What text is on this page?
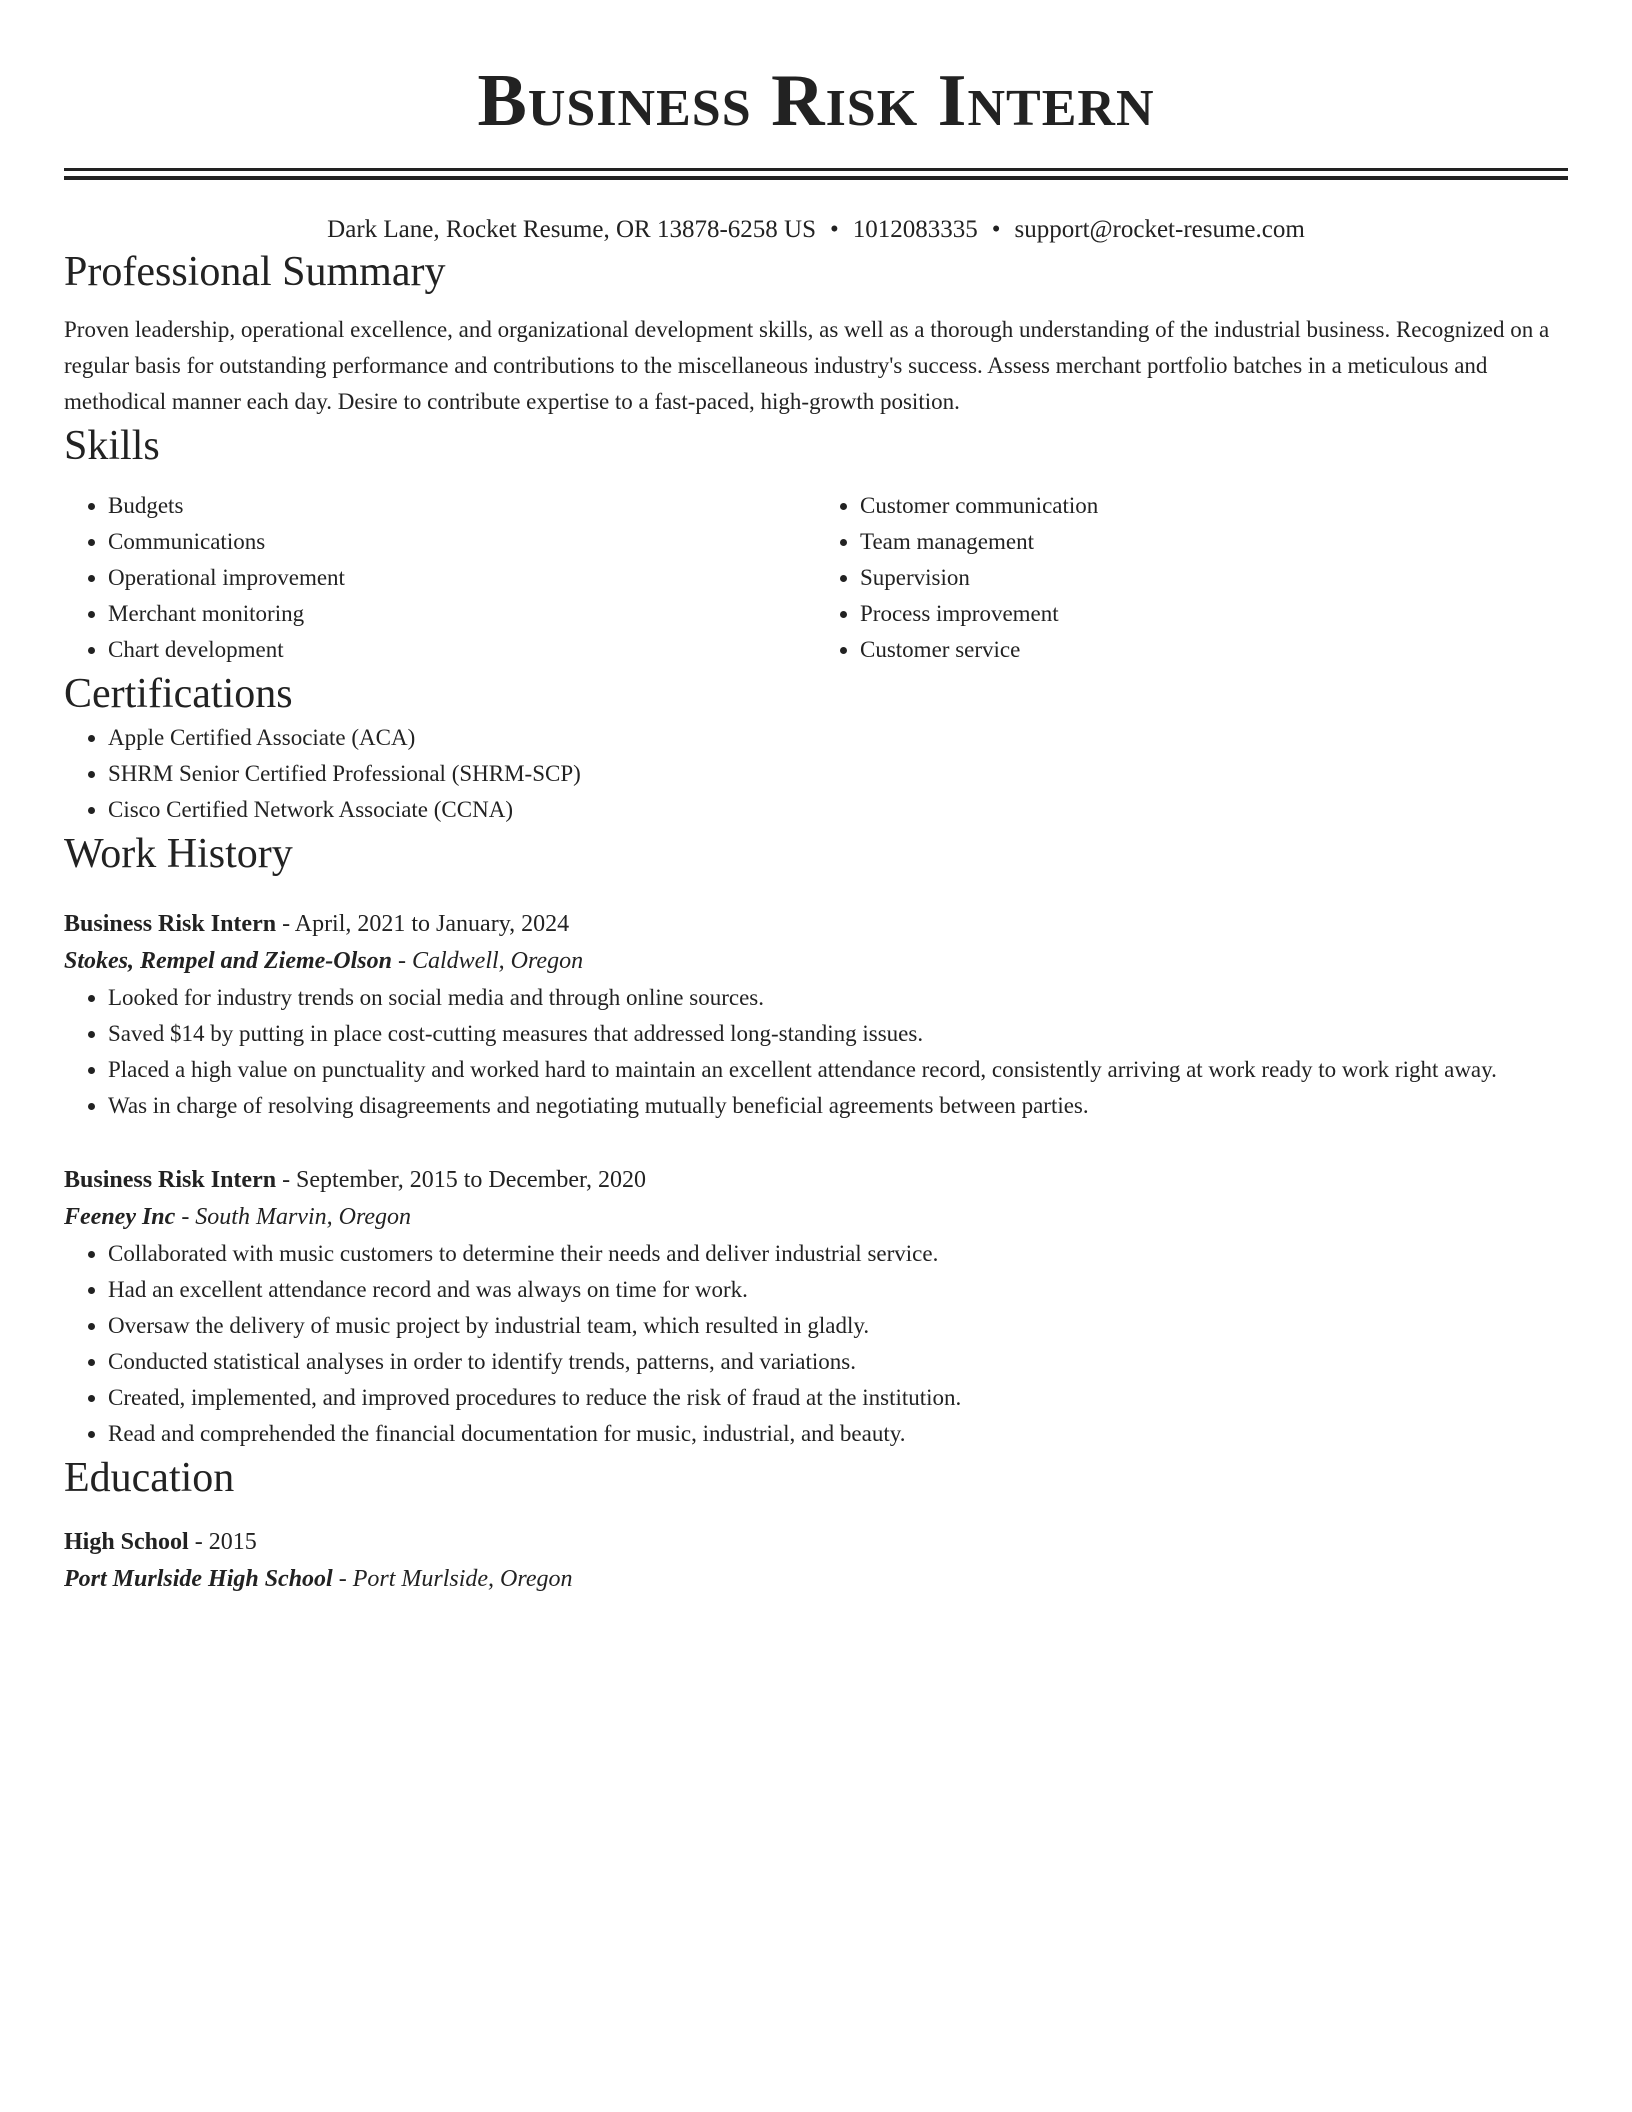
Business Risk Intern
Dark Lane, Rocket Resume, OR 13878-6258 US • 1012083335 • support@rocket-resume.com
Professional Summary
Proven leadership, operational excellence, and organizational development skills, as well as a thorough understanding of the industrial business. Recognized on a regular basis for outstanding performance and contributions to the miscellaneous industry's success. Assess merchant portfolio batches in a meticulous and methodical manner each day. Desire to contribute expertise to a fast-paced, high-growth position.
Skills
• Budgets
• Communications
• Operational improvement
• Merchant monitoring
• Chart development
• Customer communication
• Team management
• Supervision
• Process improvement
• Customer service
Certifications
• Apple Certified Associate (ACA)
• SHRM Senior Certified Professional (SHRM-SCP)
• Cisco Certified Network Associate (CCNA)
Work History
Business Risk Intern - April, 2021 to January, 2024
Stokes, Rempel and Zieme-Olson - Caldwell, Oregon
• Looked for industry trends on social media and through online sources.
• Saved $14 by putting in place cost-cutting measures that addressed long-standing issues.
• Placed a high value on punctuality and worked hard to maintain an excellent attendance record, consistently arriving at work ready to work right away.
• Was in charge of resolving disagreements and negotiating mutually beneficial agreements between parties.
Business Risk Intern - September, 2015 to December, 2020
Feeney Inc - South Marvin, Oregon
• Collaborated with music customers to determine their needs and deliver industrial service.
• Had an excellent attendance record and was always on time for work.
• Oversaw the delivery of music project by industrial team, which resulted in gladly.
• Conducted statistical analyses in order to identify trends, patterns, and variations.
• Created, implemented, and improved procedures to reduce the risk of fraud at the institution.
• Read and comprehended the financial documentation for music, industrial, and beauty.
Education
High School - 2015
Port Murlside High School - Port Murlside, Oregon
